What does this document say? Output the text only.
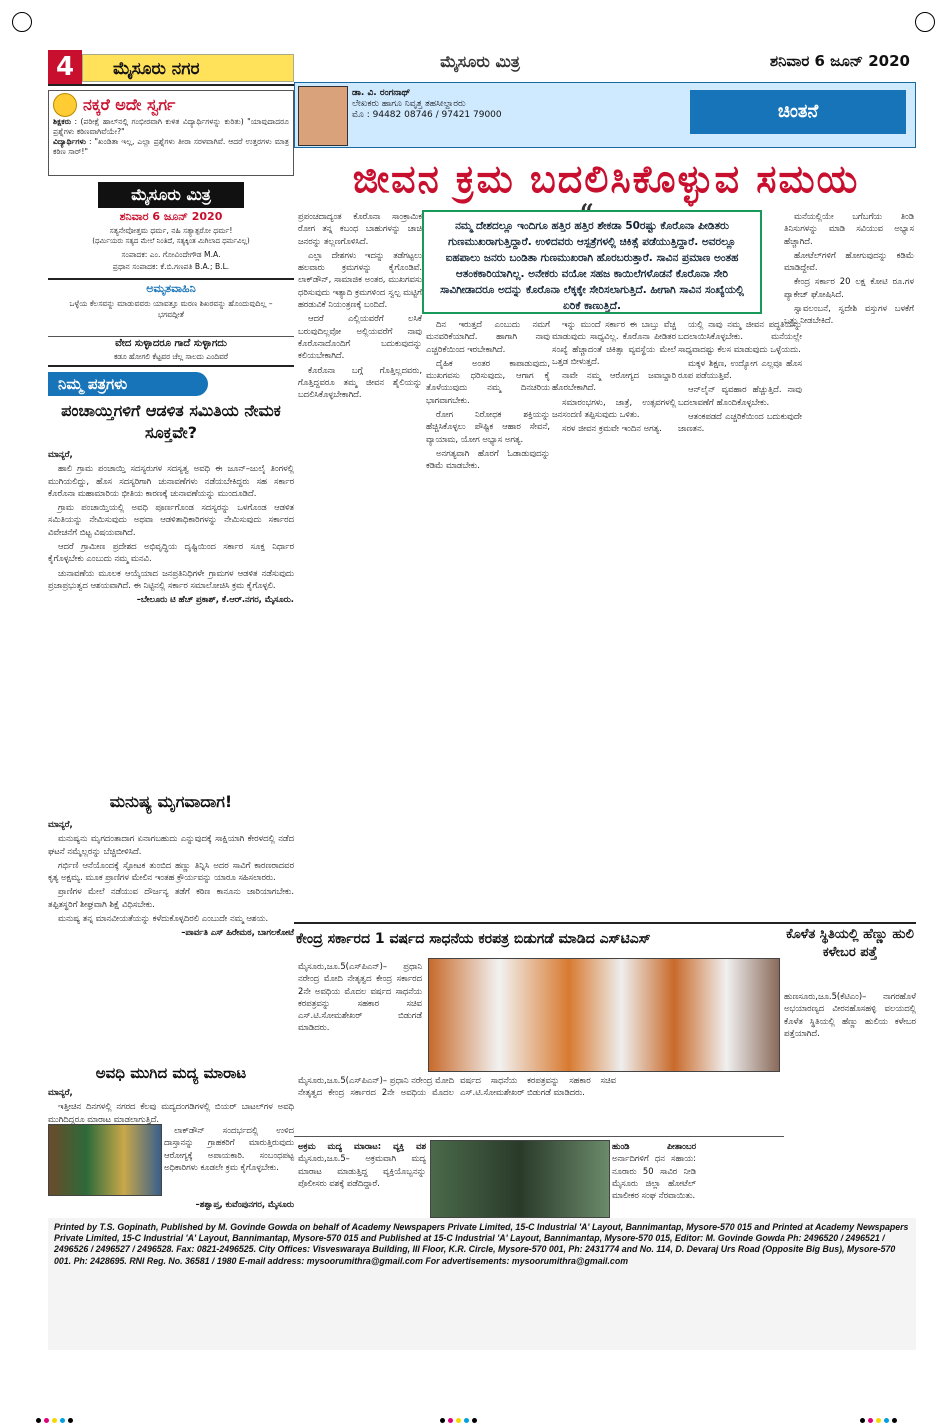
4	ಮೈಸೂರು ನಗರ	ಮೈಸೂರು ಮಿತ್ರ	ಶನಿವಾರ 6 ಜೂನ್ 2020
ನಕ್ಕರೆ ಅದೇ ಸ್ವರ್ಗ
ಶಿಕ್ಷಕರು : (ಪರೀಕ್ಷೆ ಹಾಲ್‌ನಲ್ಲಿ ಗಂಭೀರವಾಗಿ ಕುಳಿತ ವಿದ್ಯಾರ್ಥಿಗಳನ್ನು ಕುರಿತು) "ಯಾವುದಾದರೂ ಪ್ರಶ್ನೆಗಳು ಕಠಿಣವಾಗಿವೆಯೇ?"
ವಿದ್ಯಾರ್ಥಿಗಳು : "ಖಂಡಿತಾ ಇಲ್ಲ, ಎಲ್ಲಾ ಪ್ರಶ್ನೆಗಳು ತೀರಾ ಸರಳವಾಗಿವೆ. ಆದರೆ ಉತ್ತರಗಳು ಮಾತ್ರ ಕಠಿಣ ಸಾರ್!"
ಮೈಸೂರು ಮಿತ್ರ
ಶನಿವಾರ 6 ಜೂನ್ 2020
ಸತ್ಯನೇವೋತ್ತಮ ಧರ್ಮ, ನಹಿ ಸತ್ಯಾತ್ಪರೋ ಧರ್ಮ!
(ಧರ್ಮಿಯರು ಸತ್ಯದ ಮೇಲೆ ನಿಂತಿದೆ, ಸತ್ಯಕ್ಕಿಂತ ಮಿಗಿಲಾದ ಧರ್ಮವಿಲ್ಲ)
ಸಂಪಾದಕ: ಎಂ. ಗೋವಿಂದೇಗೌಡ M.A.
ಪ್ರಧಾನ ಸಂಪಾದಕ: ಕೆ.ಬಿ.ಗಣಪತಿ B.A.; B.L.
ಅಮೃತವಾಹಿನಿ
ಒಳ್ಳೆಯ ಕೆಲಸವನ್ನು ಮಾಡುವವರು ಯಾವತ್ತೂ ಮರಣ ಶಿಖರವನ್ನು ಹೊಂದುವುದಿಲ್ಲ – ಭಗವದ್ಗೀತೆ
ವೇದ ಸುಳ್ಳಾದರೂ ಗಾದೆ ಸುಳ್ಳಾಗದು
ಕಡೂ ಹೋಗಲಿ ಕೆಟ್ಟವರ ಚೆಲ್ಲ ಸಾಲದು ಎಂದಿವರೆ
ನಿಮ್ಮ ಪತ್ರಗಳು
ಪಂಚಾಯ್ತಿಗಳಿಗೆ ಆಡಳಿತ ಸಮಿತಿಯ ನೇಮಕ ಸೂಕ್ತವೇ?

ಮಾನ್ಯರೆ,

ಹಾಲಿ ಗ್ರಾಮ ಪಂಚಾಯ್ತಿ ಸದಸ್ಯರುಗಳ ಸದಸ್ಯತ್ವ ಅವಧಿ ಈ ಜೂನ್–ಜುಲೈ ತಿಂಗಳಲ್ಲಿ ಮುಗಿಯಲಿದ್ದು, ಹೊಸ ಸದಸ್ಯರಿಗಾಗಿ ಚುನಾವಣೆಗಳು ನಡೆಯಬೇಕಿದ್ದರು ಸಹ ಸರ್ಕಾರ ಕೊರೊನಾ ಮಹಾಮಾರಿಯ ಭೀತಿಯ ಕಾರಣಕ್ಕೆ ಚುನಾವಣೆಯನ್ನು ಮುಂದೂಡಿದೆ.

ಗ್ರಾಮ ಪಂಚಾಯ್ತಿಯಲ್ಲಿ ಅವಧಿ ಪೂರ್ಣಗೊಂಡ ಸದಸ್ಯರನ್ನು ಒಳಗೊಂಡ ಆಡಳಿತ ಸಮಿತಿಯನ್ನು ನೇಮಿಸುವುದು ಅಥವಾ ಆಡಳಿತಾಧಿಕಾರಿಗಳನ್ನು ನೇಮಿಸುವುದು ಸರ್ಕಾರದ ವಿವೇಚನೆಗೆ ಬಿಟ್ಟ ವಿಷಯವಾಗಿದೆ.

ಆದರೆ ಗ್ರಾಮೀಣ ಪ್ರದೇಶದ ಅಭಿವೃದ್ಧಿಯ ದೃಷ್ಟಿಯಿಂದ ಸರ್ಕಾರ ಸೂಕ್ತ ನಿರ್ಧಾರ ಕೈಗೊಳ್ಳಬೇಕು ಎಂಬುದು ನಮ್ಮ ಮನವಿ.

ಚುನಾವಣೆಯ ಮೂಲಕ ಆಯ್ಕೆಯಾದ ಜನಪ್ರತಿನಿಧಿಗಳೇ ಗ್ರಾಮಗಳ ಆಡಳಿತ ನಡೆಸುವುದು ಪ್ರಜಾಪ್ರಭುತ್ವದ ಆಶಯವಾಗಿದೆ. ಈ ನಿಟ್ಟಿನಲ್ಲಿ ಸರ್ಕಾರ ಸಮಾಲೋಚಿಸಿ ಕ್ರಮ ಕೈಗೊಳ್ಳಲಿ.

–ಬೇಲೂರು ಟಿ ಹೆಚ್ ಪ್ರಕಾಶ್, ಕೆ.ಆರ್.ನಗರ, ಮೈಸೂರು.

ಮನುಷ್ಯ ಮೃಗವಾದಾಗ!

ಮಾನ್ಯರೆ,

ಮನುಷ್ಯನು ಮೃಗದಂತಾದಾಗ ಏನಾಗಬಹುದು ಎನ್ನುವುದಕ್ಕೆ ಸಾಕ್ಷಿಯಾಗಿ ಕೇರಳದಲ್ಲಿ ನಡೆದ ಘಟನೆ ನಮ್ಮೆಲ್ಲರನ್ನು ಬೆಚ್ಚಿಬೀಳಿಸಿದೆ.

ಗರ್ಭಿಣಿ ಆನೆಯೊಂದಕ್ಕೆ ಸ್ಫೋಟಕ ತುಂಬಿದ ಹಣ್ಣು ತಿನ್ನಿಸಿ ಅದರ ಸಾವಿಗೆ ಕಾರಣರಾದವರ ಕೃತ್ಯ ಅಕ್ಷಮ್ಯ. ಮೂಕ ಪ್ರಾಣಿಗಳ ಮೇಲಿನ ಇಂತಹ ಕ್ರೌರ್ಯವನ್ನು ಯಾರೂ ಸಹಿಸಲಾರರು.

ಪ್ರಾಣಿಗಳ ಮೇಲೆ ನಡೆಯುವ ದೌರ್ಜನ್ಯ ತಡೆಗೆ ಕಠಿಣ ಕಾನೂನು ಜಾರಿಯಾಗಬೇಕು. ತಪ್ಪಿತಸ್ಥರಿಗೆ ಶೀಘ್ರವಾಗಿ ಶಿಕ್ಷೆ ವಿಧಿಸಬೇಕು.

ಮನುಷ್ಯ ತನ್ನ ಮಾನವೀಯತೆಯನ್ನು ಕಳೆದುಕೊಳ್ಳದಿರಲಿ ಎಂಬುದೇ ನಮ್ಮ ಆಶಯ.

–ಪಾರ್ವತಿ ಎಸ್ ಹಿರೇಮಠ, ಬಾಗಲಕೋಟೆ

ಅವಧಿ ಮುಗಿದ ಮದ್ಯ ಮಾರಾಟ

ಮಾನ್ಯರೆ,

ಇತ್ತೀಚಿನ ದಿನಗಳಲ್ಲಿ ನಗರದ ಕೆಲವು ಮದ್ಯದಂಗಡಿಗಳಲ್ಲಿ ಬಿಯರ್ ಬಾಟಲ್‌ಗಳ ಅವಧಿ ಮುಗಿದಿದ್ದರೂ ಮಾರಾಟ ಮಾಡಲಾಗುತ್ತಿದೆ.

ಲಾಕ್‌ಡೌನ್ ಸಂದರ್ಭದಲ್ಲಿ ಉಳಿದ ದಾಸ್ತಾನನ್ನು ಗ್ರಾಹಕರಿಗೆ ಮಾರುತ್ತಿರುವುದು ಆರೋಗ್ಯಕ್ಕೆ ಅಪಾಯಕಾರಿ. ಸಂಬಂಧಪಟ್ಟ ಅಧಿಕಾರಿಗಳು ಕೂಡಲೇ ಕ್ರಮ ಕೈಗೊಳ್ಳಬೇಕು.

–ಶಶ್ವಾಪ್ತ, ಕುವೆಂಪುನಗರ, ಮೈಸೂರು
ಡಾ. ವಿ. ರಂಗನಾಥ್
ಲೇಖಕರು ಹಾಗೂ ನಿವೃತ್ತ ತಹಸೀಲ್ದಾರರು
ಮೊ : 94482 08746 / 97421 79000	ಚಿಂತನೆ
ಜೀವನ ಕ್ರಮ ಬದಲಿಸಿಕೊಳ್ಳುವ ಸಮಯ
“
ನಮ್ಮ ದೇಶದಲ್ಲೂ ಇಂದಿಗೂ ಹತ್ತಿರ ಹತ್ತಿರ ಶೇಕಡಾ 50ರಷ್ಟು ಕೊರೊನಾ ಪೀಡಿತರು ಗುಣಮುಖರಾಗುತ್ತಿದ್ದಾರೆ. ಉಳಿದವರು ಆಸ್ಪತ್ರೆಗಳಲ್ಲಿ ಚಿಕಿತ್ಸೆ ಪಡೆಯುತ್ತಿದ್ದಾರೆ. ಅವರಲ್ಲೂ ಐಹಪಾಲು ಜನರು ಬಂಡಿತಾ ಗುಣಮುಖರಾಗಿ ಹೊರಬರುತ್ತಾರೆ. ಸಾವಿನ ಪ್ರಮಾಣ ಅಂತಹ ಆತಂಕಕಾರಿಯಾಗಿಲ್ಲ. ಅನೇಕರು ವಯೋ ಸಹಜ ಕಾಯಿಲೆಗಳೊಡನೆ ಕೊರೊನಾ ಸೇರಿ ಸಾವಿಗೀಡಾದರೂ ಅದನ್ನು ಕೊರೊನಾ ಲೆಕ್ಕಕ್ಕೇ ಸೇರಿಸಲಾಗುತ್ತಿದೆ. ಹೀಗಾಗಿ ಸಾವಿನ ಸಂಖ್ಯೆಯಲ್ಲಿ ಏರಿಕೆ ಕಾಣುತ್ತಿದೆ.

ಪ್ರಪಂಚದಾದ್ಯಂತ ಕೊರೊನಾ ಸಾಂಕ್ರಾಮಿಕ ರೋಗ ತನ್ನ ಕಬಂಧ ಬಾಹುಗಳನ್ನು ಚಾಚಿ ಜನರನ್ನು ತಲ್ಲಣಗೊಳಿಸಿದೆ.

ಎಲ್ಲಾ ದೇಶಗಳು ಇದನ್ನು ತಡೆಗಟ್ಟಲು ಹಲವಾರು ಕ್ರಮಗಳನ್ನು ಕೈಗೊಂಡಿವೆ. ಲಾಕ್‌ಡೌನ್, ಸಾಮಾಜಿಕ ಅಂತರ, ಮುಖಗವಸು ಧರಿಸುವುದು ಇತ್ಯಾದಿ ಕ್ರಮಗಳಿಂದ ಸ್ವಲ್ಪ ಮಟ್ಟಿಗೆ ಹರಡುವಿಕೆ ನಿಯಂತ್ರಣಕ್ಕೆ ಬಂದಿದೆ.

ಆದರೆ ಎಲ್ಲಿಯವರೆಗೆ ಲಸಿಕೆ ಬರುವುದಿಲ್ಲವೋ ಅಲ್ಲಿಯವರೆಗೆ ನಾವು ಕೊರೊನಾದೊಂದಿಗೆ ಬದುಕುವುದನ್ನು ಕಲಿಯಬೇಕಾಗಿದೆ.

ಕೊರೊನಾ ಬಗ್ಗೆ ಗೊತ್ತಿಲ್ಲದವರು, ಗೊತ್ತಿದ್ದವರೂ ತಮ್ಮ ಜೀವನ ಶೈಲಿಯನ್ನು ಬದಲಿಸಿಕೊಳ್ಳಬೇಕಾಗಿದೆ.

ದಿನ ಇರುತ್ತದೆ ಎಂಬುದು ನಮಗೆ ಮನವರಿಕೆಯಾಗಿದೆ. ಹಾಗಾಗಿ ನಾವು ಎಚ್ಚರಿಕೆಯಿಂದ ಇರಬೇಕಾಗಿದೆ.

ದೈಹಿಕ ಅಂತರ ಕಾಪಾಡುವುದು, ಮುಖಗವಸು ಧರಿಸುವುದು, ಆಗಾಗ ಕೈ ತೊಳೆಯುವುದು ನಮ್ಮ ದಿನಚರಿಯ ಭಾಗವಾಗಬೇಕು.

ರೋಗ ನಿರೋಧಕ ಶಕ್ತಿಯನ್ನು ಹೆಚ್ಚಿಸಿಕೊಳ್ಳಲು ಪೌಷ್ಟಿಕ ಆಹಾರ ಸೇವನೆ, ವ್ಯಾಯಾಮ, ಯೋಗ ಅಭ್ಯಾಸ ಅಗತ್ಯ.

ಅನಗತ್ಯವಾಗಿ ಹೊರಗೆ ಓಡಾಡುವುದನ್ನು ಕಡಿಮೆ ಮಾಡಬೇಕು.

ಇನ್ನು ಮುಂದೆ ಸರ್ಕಾರ ಈ ಬಾಬ್ತು ವೆಚ್ಚ ಮಾಡುವುದು ಸಾಧ್ಯವಿಲ್ಲ. ಕೊರೊನಾ ಪೀಡಿತರ ಸಂಖ್ಯೆ ಹೆಚ್ಚಾದಂತೆ ಚಿಕಿತ್ಸಾ ವ್ಯವಸ್ಥೆಯ ಮೇಲೆ ಒತ್ತಡ ಬೀಳುತ್ತದೆ.

ನಾವೇ ನಮ್ಮ ಆರೋಗ್ಯದ ಜವಾಬ್ದಾರಿ ಹೊರಬೇಕಾಗಿದೆ.

ಸಮಾರಂಭಗಳು, ಜಾತ್ರೆ, ಉತ್ಸವಗಳಲ್ಲಿ ಜನಸಂದಣಿ ತಪ್ಪಿಸುವುದು ಒಳಿತು.

ಸರಳ ಜೀವನ ಕ್ರಮವೇ ಇಂದಿನ ಅಗತ್ಯ.

ಯಲ್ಲಿ ನಾವು ನಮ್ಮ ಜೀವನ ಪದ್ಧತಿಯನ್ನು ಬದಲಾಯಿಸಿಕೊಳ್ಳಬೇಕು. ಮನೆಯಲ್ಲೇ ಸಾಧ್ಯವಾದಷ್ಟು ಕೆಲಸ ಮಾಡುವುದು ಒಳ್ಳೆಯದು.

ಮಕ್ಕಳ ಶಿಕ್ಷಣ, ಉದ್ಯೋಗ ಎಲ್ಲವೂ ಹೊಸ ರೂಪ ಪಡೆಯುತ್ತಿವೆ.

ಆನ್‌ಲೈನ್ ವ್ಯವಹಾರ ಹೆಚ್ಚುತ್ತಿದೆ. ನಾವು ಬದಲಾವಣೆಗೆ ಹೊಂದಿಕೊಳ್ಳಬೇಕು.

ಆತಂಕಪಡದೆ ಎಚ್ಚರಿಕೆಯಿಂದ ಬದುಕುವುದೇ ಜಾಣತನ.

ಮನೆಯಲ್ಲಿಯೇ ಬಗೆಬಗೆಯ ತಿಂಡಿ ತಿನಿಸುಗಳನ್ನು ಮಾಡಿ ಸವಿಯುವ ಅಭ್ಯಾಸ ಹೆಚ್ಚಾಗಿದೆ.

ಹೋಟೆಲ್‌ಗಳಿಗೆ ಹೋಗುವುದನ್ನು ಕಡಿಮೆ ಮಾಡಿದ್ದೇವೆ.

ಕೇಂದ್ರ ಸರ್ಕಾರ 20 ಲಕ್ಷ ಕೋಟಿ ರೂ.ಗಳ ಪ್ಯಾಕೇಜ್ ಘೋಷಿಸಿದೆ.

ಸ್ವಾವಲಂಬನೆ, ಸ್ವದೇಶಿ ವಸ್ತುಗಳ ಬಳಕೆಗೆ ಒತ್ತು ನೀಡಬೇಕಿದೆ.

ಕೇಂದ್ರ ಸರ್ಕಾರದ 1 ವರ್ಷದ ಸಾಧನೆಯ ಕರಪತ್ರ ಬಿಡುಗಡೆ ಮಾಡಿದ ಎಸ್‌ಟಿಎಸ್
ಮೈಸೂರು,ಜೂ.5(ಎಸ್‌ಪಿಎನ್)– ಪ್ರಧಾನಿ ನರೇಂದ್ರ ಮೋದಿ ನೇತೃತ್ವದ ಕೇಂದ್ರ ಸರ್ಕಾರದ 2ನೇ ಅವಧಿಯ ಮೊದಲ ವರ್ಷದ ಸಾಧನೆಯ ಕರಪತ್ರವನ್ನು ಸಹಕಾರ ಸಚಿವ ಎಸ್.ಟಿ.ಸೋಮಶೇಖರ್ ಬಿಡುಗಡೆ ಮಾಡಿದರು.
ಮೈಸೂರು,ಜೂ.5(ಎಸ್‌ಪಿಎನ್)– ಪ್ರಧಾನಿ ನರೇಂದ್ರ ಮೋದಿ ನೇತೃತ್ವದ ಕೇಂದ್ರ ಸರ್ಕಾರದ 2ನೇ ಅವಧಿಯ ಮೊದಲ ವರ್ಷದ ಸಾಧನೆಯ ಕರಪತ್ರವನ್ನು ಸಹಕಾರ ಸಚಿವ ಎಸ್.ಟಿ.ಸೋಮಶೇಖರ್ ಬಿಡುಗಡೆ ಮಾಡಿದರು.
ಕೊಳೆತ ಸ್ಥಿತಿಯಲ್ಲಿ ಹೆಣ್ಣು ಹುಲಿ ಕಳೇಬರ ಪತ್ತೆ
ಹುಣಸೂರು,ಜೂ.5(ಕೆಟಿಎಂ)– ನಾಗರಹೊಳೆ ಅಭಯಾರಣ್ಯದ ವೀರನಹೊಸಹಳ್ಳಿ ವಲಯದಲ್ಲಿ ಕೊಳೆತ ಸ್ಥಿತಿಯಲ್ಲಿ ಹೆಣ್ಣು ಹುಲಿಯ ಕಳೇಬರ ಪತ್ತೆಯಾಗಿದೆ.
ಅಕ್ರಮ ಮದ್ಯ ಮಾರಾಟ: ವ್ಯಕ್ತಿ ವಶ ಮೈಸೂರು,ಜೂ.5– ಅಕ್ರಮವಾಗಿ ಮದ್ಯ ಮಾರಾಟ ಮಾಡುತ್ತಿದ್ದ ವ್ಯಕ್ತಿಯೊಬ್ಬನನ್ನು ಪೊಲೀಸರು ವಶಕ್ಕೆ ಪಡೆದಿದ್ದಾರೆ.
ಹುಂಡಿ ಪೀತಾಂಬರ ಅರ್ನಾದಿಗಳಿಗೆ ಧನ ಸಹಾಯ: ನೂರಾರು 50 ಸಾವಿರ ನೀಡಿ ಮೈಸೂರು ಜಿಲ್ಲಾ ಹೋಟೆಲ್ ಮಾಲೀಕರ ಸಂಘ ನೆರವಾಯಿತು.
Printed by T.S. Gopinath, Published by M. Govinde Gowda on behalf of Academy Newspapers Private Limited, 15-C Industrial 'A' Layout, Bannimantap, Mysore-570 015 and Printed at Academy Newspapers Private Limited, 15-C Industrial 'A' Layout, Bannimantap, Mysore-570 015 and Published at 15-C Industrial 'A' Layout, Bannimantap, Mysore-570 015, Editor: M. Govinde Gowda Ph: 2496520 / 2496521 / 2496526 / 2496527 / 2496528. Fax: 0821-2496525. City Offices: Visveswaraya Building, III Floor, K.R. Circle, Mysore-570 001, Ph: 2431774 and No. 114, D. Devaraj Urs Road (Opposite Big Bus), Mysore-570 001. Ph: 2428695. RNI Reg. No. 36581 / 1980 E-mail address: mysoorumithra@gmail.com For advertisements: mysoorumithra@gmail.com
